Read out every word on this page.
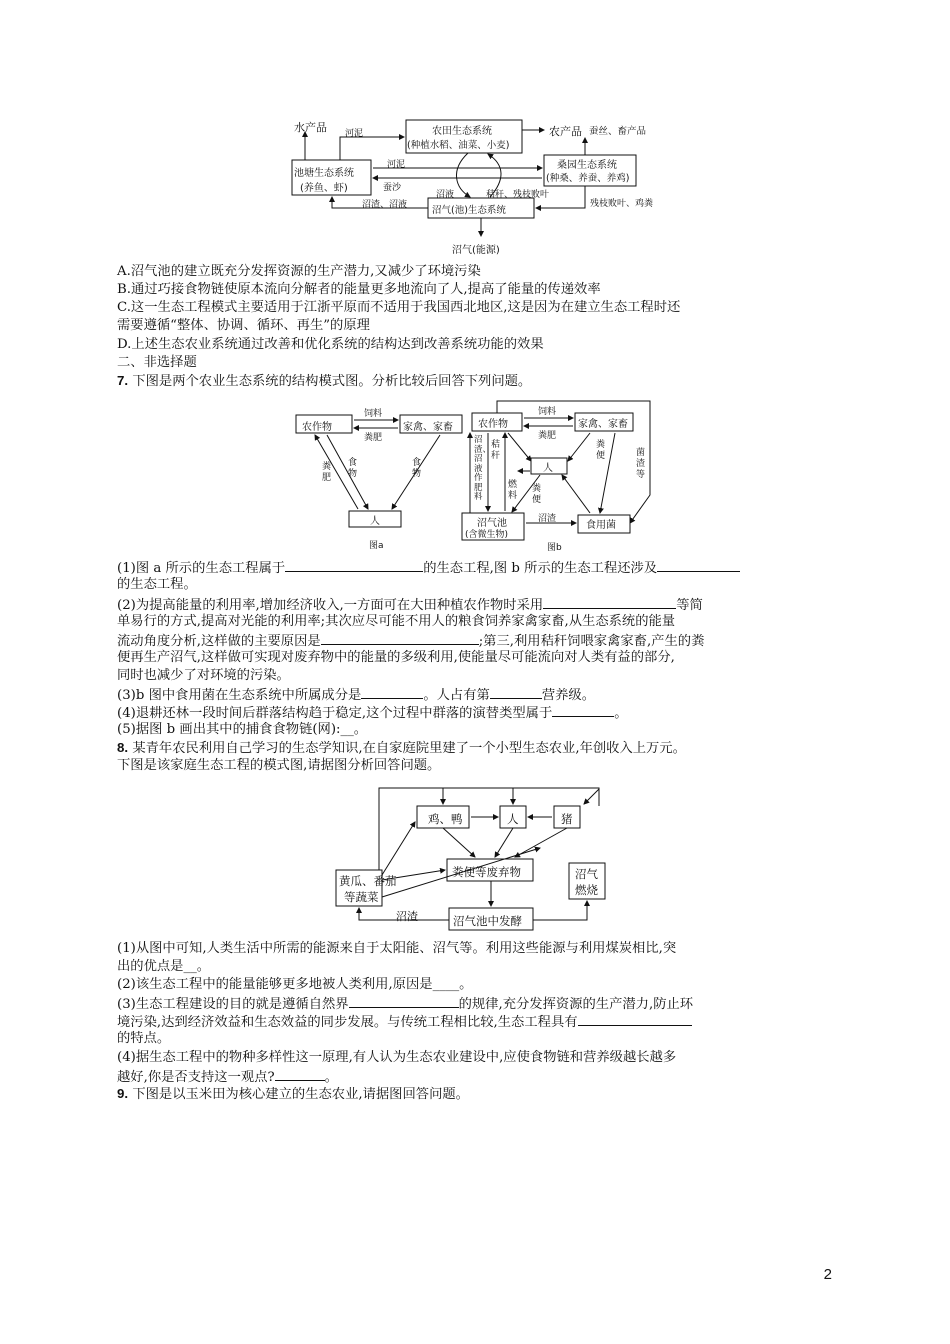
水产品	农田生态系统
(种植水稻、油菜、小麦)
农产品 蚕丝、畜产品
池塘生态系统
(养鱼、虾)
桑园生态系统
(种桑、养蚕、养鸡)
沼气(池)生态系统
沼气(能源)
河泥
河泥
蚕沙
沼液	秸秆、残枝败叶
沼渣、沼液	残枝败叶、鸡粪
A.沼气池的建立既充分发挥资源的生产潜力,又减少了环境污染
B.通过巧接食物链使原本流向分解者的能量更多地流向了人,提高了能量的传递效率
C.这一生态工程模式主要适用于江浙平原而不适用于我国西北地区,这是因为在建立生态工程时还
需要遵循“整体、协调、循环、再生”的原理
D.上述生态农业系统通过改善和优化系统的结构达到改善系统功能的效果
二、非选择题
7. 下图是两个农业生态系统的结构模式图。分析比较后回答下列问题。
农作物	家禽、家畜
饲料
粪肥
粪肥
食物
食物
人
图a
农作物	家禽、家畜
饲料
粪肥
沼渣、沼液作肥料
秸秆
燃料
人
粪便
粪便
菌渣等
沼气池
(含微生物)
沼渣
食用菌
图b
(1)图 a 所示的生态工程属于	的生态工程,图 b 所示的生态工程还涉及
的生态工程。
(2)为提高能量的利用率,增加经济收入,一方面可在大田种植农作物时采用	等简
单易行的方式,提高对光能的利用率;其次应尽可能不用人的粮食饲养家禽家畜,从生态系统的能量
流动角度分析,这样做的主要原因是	;第三,利用秸秆饲喂家禽家畜,产生的粪
便再生产沼气,这样做可实现对废弃物中的能量的多级利用,使能量尽可能流向对人类有益的部分,
同时也减少了对环境的污染。
(3)b 图中食用菌在生态系统中所属成分是	。人占有第	营养级。
(4)退耕还林一段时间后群落结构趋于稳定,这个过程中群落的演替类型属于	。
(5)据图 b 画出其中的捕食食物链(网):__。
8. 某青年农民利用自己学习的生态学知识,在自家庭院里建了一个小型生态农业,年创收入上万元。
下图是该家庭生态工程的模式图,请据图分析回答问题。
鸡、鸭	人	猪
粪便等废弃物
黄瓜、番茄
等蔬菜
沼气
燃烧
沼渣	沼气池中发酵
(1)从图中可知,人类生活中所需的能源来自于太阳能、沼气等。利用这些能源与利用煤炭相比,突
出的优点是__。
(2)该生态工程中的能量能够更多地被人类利用,原因是____。
(3)生态工程建设的目的就是遵循自然界	的规律,充分发挥资源的生产潜力,防止环
境污染,达到经济效益和生态效益的同步发展。与传统工程相比较,生态工程具有
的特点。
(4)据生态工程中的物种多样性这一原理,有人认为生态农业建设中,应使食物链和营养级越长越多
越好,你是否支持这一观点?	。
9. 下图是以玉米田为核心建立的生态农业,请据图回答问题。
2
